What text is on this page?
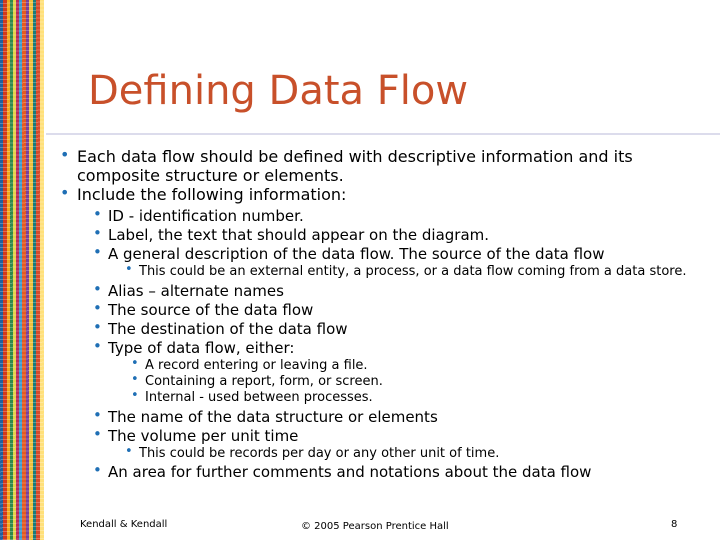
Defining Data Flow
• Each data flow should be defined with descriptive information and its
composite structure or elements.
• Include the following information:
• ID - identification number.
• Label, the text that should appear on the diagram.
• A general description of the data flow. The source of the data flow
• This could be an external entity, a process, or a data flow coming from a data store.
• Alias – alternate names
• The source of the data flow
• The destination of the data flow
• Type of data flow, either:
• A record entering or leaving a file.
• Containing a report, form, or screen.
• Internal - used between processes.
• The name of the data structure or elements
• The volume per unit time
• This could be records per day or any other unit of time.
• An area for further comments and notations about the data flow
Kendall & Kendall	© 2005 Pearson Prentice Hall	8
